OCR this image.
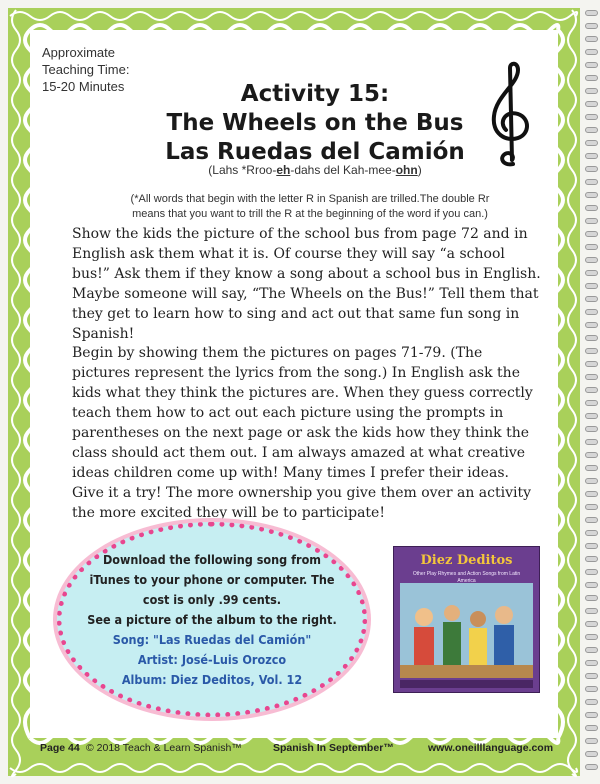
Approximate
Teaching Time:
15-20 Minutes	Activity 15:
The Wheels on the Bus
Las Ruedas del Camión
(Lahs *Rroo-eh-dahs del Kah-mee-ohn)
(*All words that begin with the letter R in Spanish are trilled.The double Rr
means that you want to trill the R at the beginning of the word if you can.)
Show the kids the picture of the school bus from page 72 and in English ask them what it is. Of course they will say “a school bus!” Ask them if they know a song about a school bus in English. Maybe someone will say, “The Wheels on the Bus!” Tell them that they get to learn how to sing and act out that same fun song in Spanish!
Begin by showing them the pictures on pages 71-79. (The pictures represent the lyrics from the song.) In English ask the kids what they think the pictures are. When they guess correctly teach them how to act out each picture using the prompts in parentheses on the next page or ask the kids how they think the class should act them out. I am always amazed at what creative ideas children come up with! Many times I prefer their ideas. Give it a try! The more ownership you give them over an activity the more excited they will be to participate!
Download the following song from
iTunes to your phone or computer. The
cost is only .99 cents.
See a picture of the album to the right.
Song: "Las Ruedas del Camión"
Artist: José-Luis Orozco
Album: Diez Deditos, Vol. 12
Diez Deditos
Other Play Rhymes and Action Songs from Latin America
Page 44 © 2018 Teach & Learn Spanish™	Spanish In September™	www.oneilllanguage.com
